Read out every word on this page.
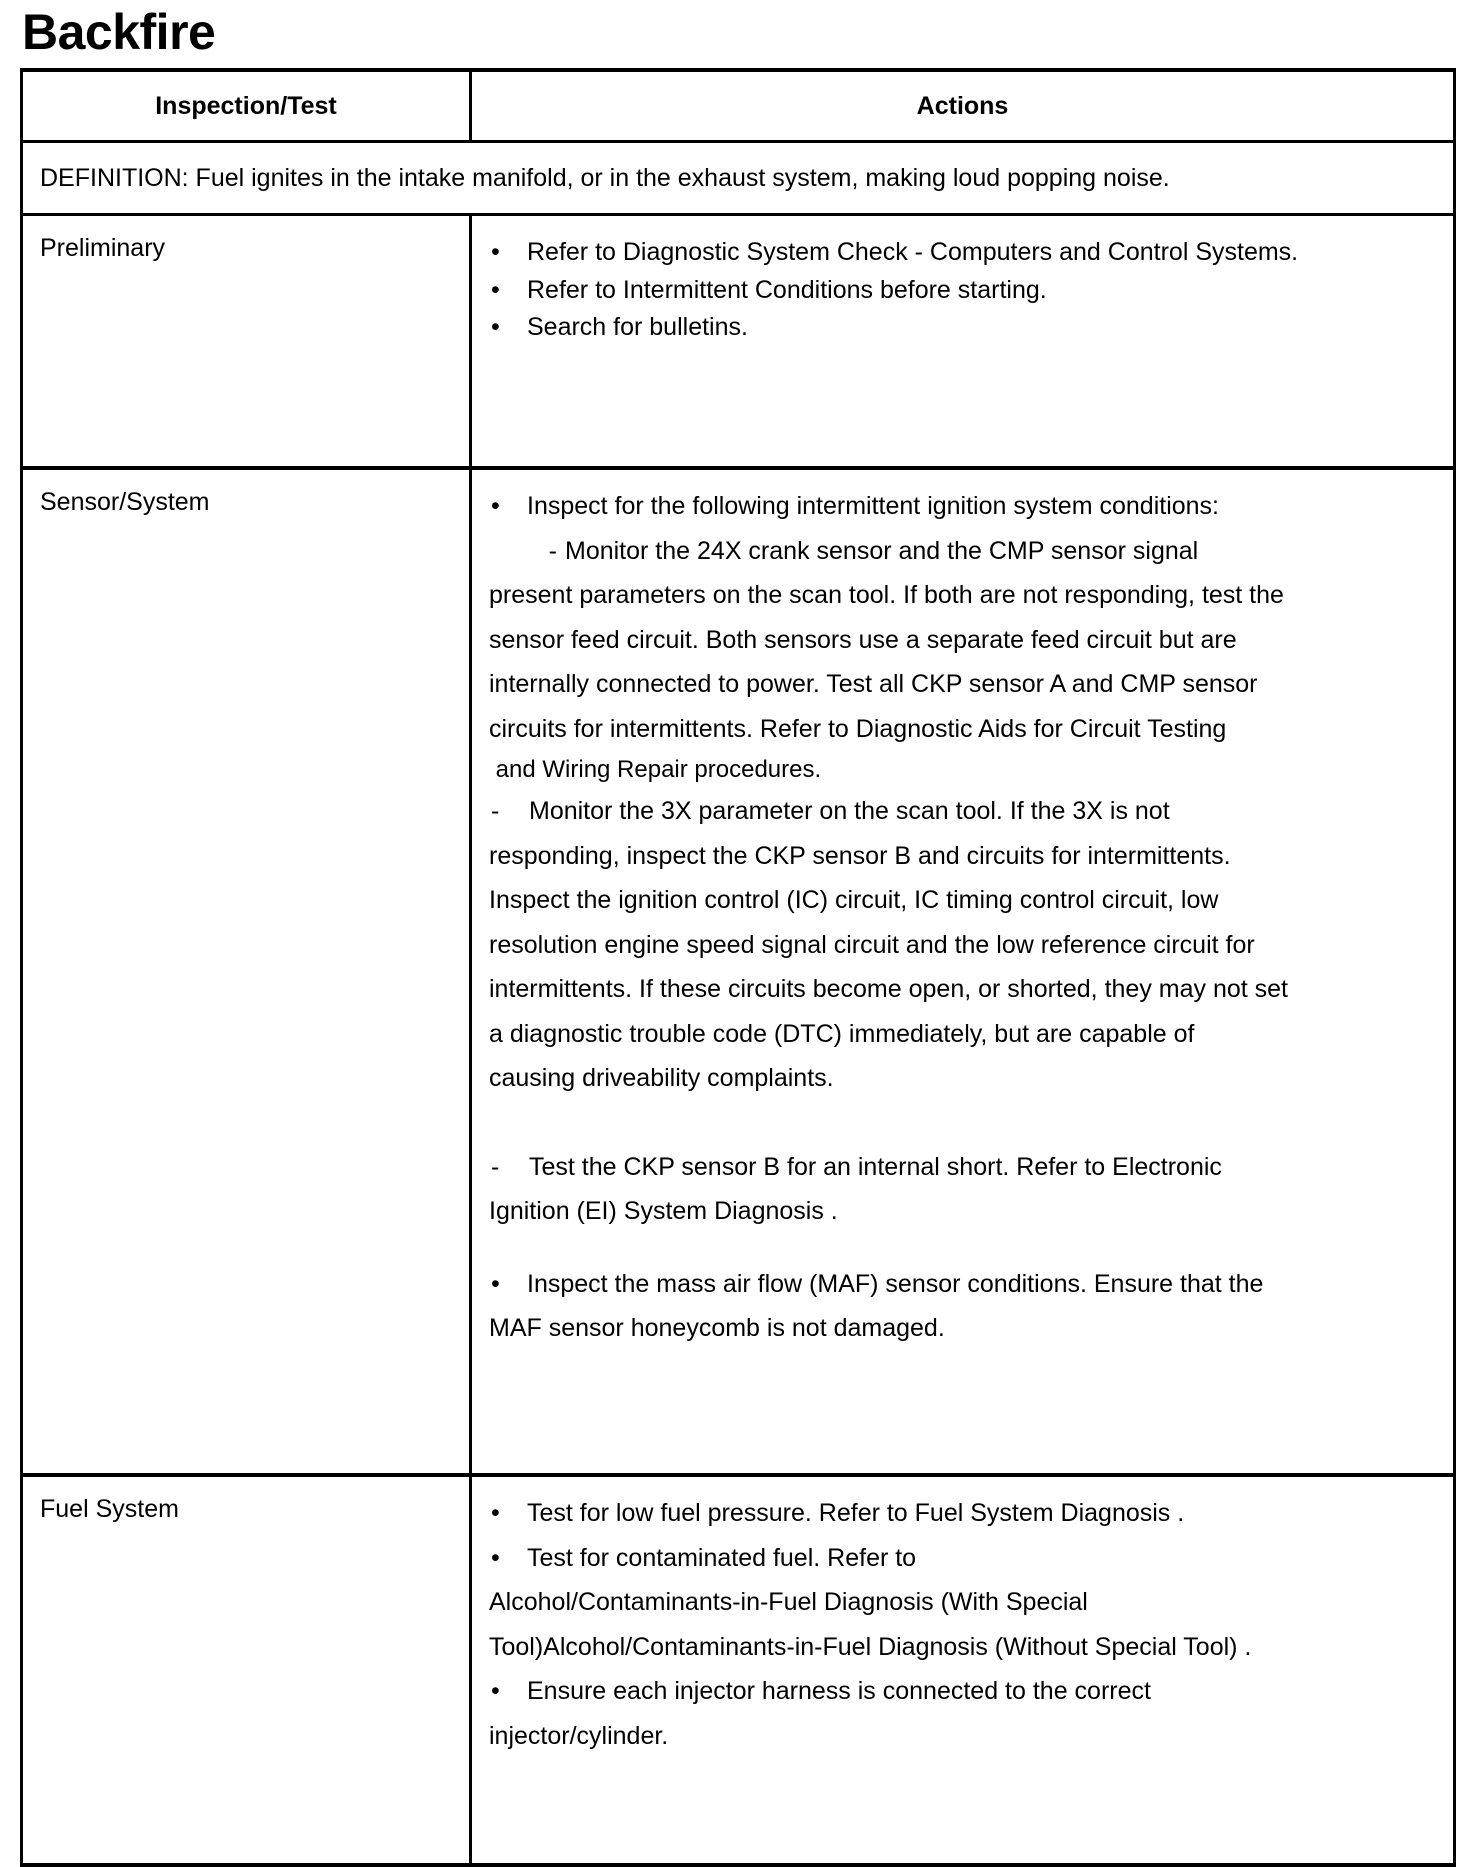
Backfire
Inspection/Test	Actions
DEFINITION: Fuel ignites in the intake manifold, or in the exhaust system, making loud popping noise.	
Preliminary	• Refer to Diagnostic System Check - Computers and Control Systems.
• Refer to Intermittent Conditions before starting.
• Search for bulletins.

Sensor/System	• Inspect for the following intermittent ignition system conditions:
- Monitor the 24X crank sensor and the CMP sensor signal
present parameters on the scan tool. If both are not responding, test the
sensor feed circuit. Both sensors use a separate feed circuit but are
internally connected to power. Test all CKP sensor A and CMP sensor
circuits for intermittents. Refer to Diagnostic Aids for Circuit Testing
and Wiring Repair procedures.
- Monitor the 3X parameter on the scan tool. If the 3X is not
responding, inspect the CKP sensor B and circuits for intermittents.
Inspect the ignition control (IC) circuit, IC timing control circuit, low
resolution engine speed signal circuit and the low reference circuit for
intermittents. If these circuits become open, or shorted, they may not set
a diagnostic trouble code (DTC) immediately, but are capable of
causing driveability complaints.
- Test the CKP sensor B for an internal short. Refer to Electronic
Ignition (EI) System Diagnosis .
• Inspect the mass air flow (MAF) sensor conditions. Ensure that the
MAF sensor honeycomb is not damaged.

Fuel System	• Test for low fuel pressure. Refer to Fuel System Diagnosis .
• Test for contaminated fuel. Refer to
Alcohol/Contaminants-in-Fuel Diagnosis (With Special
Tool)Alcohol/Contaminants-in-Fuel Diagnosis (Without Special Tool) .
• Ensure each injector harness is connected to the correct
injector/cylinder.
